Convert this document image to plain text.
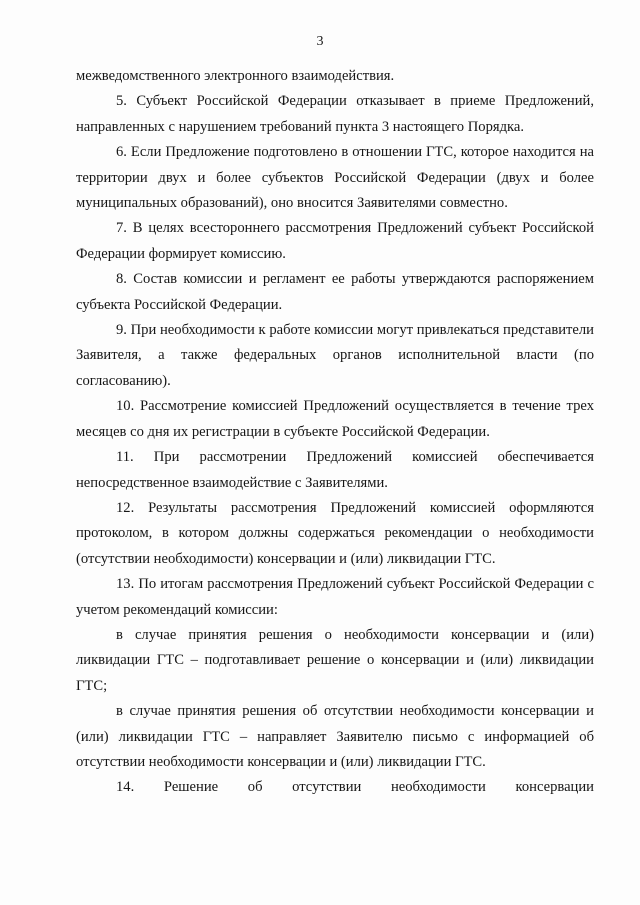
3

межведомственного электронного взаимодействия.

5. Субъект Российской Федерации отказывает в приеме Предложений, направленных с нарушением требований пункта 3 настоящего Порядка.

6. Если Предложение подготовлено в отношении ГТС, которое находится на территории двух и более субъектов Российской Федерации (двух и более муниципальных образований), оно вносится Заявителями совместно.

7. В целях всестороннего рассмотрения Предложений субъект Российской Федерации формирует комиссию.

8. Состав комиссии и регламент ее работы утверждаются распоряжением субъекта Российской Федерации.

9. При необходимости к работе комиссии могут привлекаться представители Заявителя, а также федеральных органов исполнительной власти (по согласованию).

10. Рассмотрение комиссией Предложений осуществляется в течение трех месяцев со дня их регистрации в субъекте Российской Федерации.

11. При рассмотрении Предложений комиссией обеспечивается непосредственное взаимодействие с Заявителями.

12. Результаты рассмотрения Предложений комиссией оформляются протоколом, в котором должны содержаться рекомендации о необходимости (отсутствии необходимости) консервации и (или) ликвидации ГТС.

13. По итогам рассмотрения Предложений субъект Российской Федерации с учетом рекомендаций комиссии:

в случае принятия решения о необходимости консервации и (или) ликвидации ГТС – подготавливает решение о консервации и (или) ликвидации ГТС;

в случае принятия решения об отсутствии необходимости консервации и (или) ликвидации ГТС – направляет Заявителю письмо с информацией об отсутствии необходимости консервации и (или) ликвидации ГТС.

14. Решение об отсутствии необходимости консервации
